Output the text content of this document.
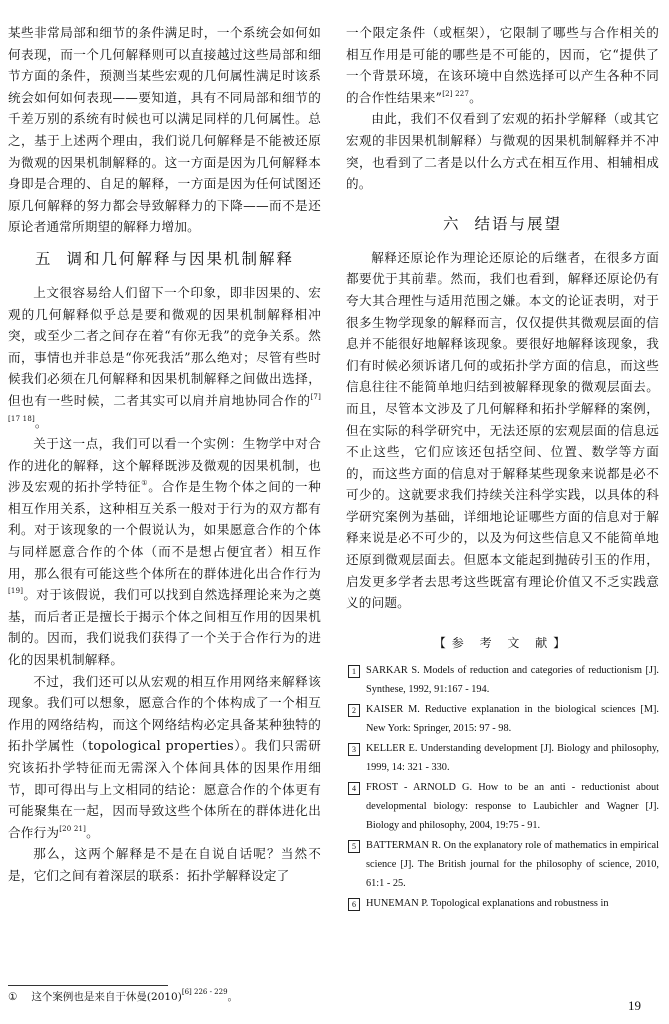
某些非常局部和细节的条件满足时，一个系统会如何如何表现，而一个几何解释则可以直接越过这些局部和细节方面的条件，预测当某些宏观的几何属性满足时该系统会如何如何表现——要知道，具有不同局部和细节的千差万别的系统有时候也可以满足同样的几何属性。总之，基于上述两个理由，我们说几何解释是不能被还原为微观的因果机制解释的。这一方面是因为几何解释本身即是合理的、自足的解释，一方面是因为任何试图还原几何解释的努力都会导致解释力的下降——而不是还原论者通常所期望的解释力增加。

五 调和几何解释与因果机制解释

上文很容易给人们留下一个印象，即非因果的、宏观的几何解释似乎总是要和微观的因果机制解释相冲突，或至少二者之间存在着“有你无我”的竞争关系。然而，事情也并非总是“你死我活”那么绝对；尽管有些时候我们必须在几何解释和因果机制解释之间做出选择，但也有一些时候，二者其实可以肩并肩地协同合作的[7] [17 18]。

关于这一点，我们可以看一个实例：生物学中对合作的进化的解释，这个解释既涉及微观的因果机制，也涉及宏观的拓扑学特征①。合作是生物个体之间的一种相互作用关系，这种相互关系一般对于行为的双方都有利。对于该现象的一个假说认为，如果愿意合作的个体与同样愿意合作的个体（而不是想占便宜者）相互作用，那么很有可能这些个体所在的群体进化出合作行为[19]。对于该假说，我们可以找到自然选择理论来为之奠基，而后者正是擅长于揭示个体之间相互作用的因果机制的。因而，我们说我们获得了一个关于合作行为的进化的因果机制解释。

不过，我们还可以从宏观的相互作用网络来解释该现象。我们可以想象，愿意合作的个体构成了一个相互作用的网络结构，而这个网络结构必定具备某种独特的拓扑学属性（topological properties）。我们只需研究该拓扑学特征而无需深入个体间具体的因果作用细节，即可得出与上文相同的结论：愿意合作的个体更有可能聚集在一起，因而导致这些个体所在的群体进化出合作行为[20 21]。

那么，这两个解释是不是在自说自话呢？当然不是，它们之间有着深层的联系：拓扑学解释设定了

一个限定条件（或框架），它限制了哪些与合作相关的相互作用是可能的哪些是不可能的，因而，它“提供了一个背景环境，在该环境中自然选择可以产生各种不同的合作性结果来”$^{[2] 227}$。

由此，我们不仅看到了宏观的拓扑学解释（或其它宏观的非因果机制解释）与微观的因果机制解释并不冲突，也看到了二者是以什么方式在相互作用、相辅相成的。

六 结语与展望

解释还原论作为理论还原论的后继者，在很多方面都要优于其前辈。然而，我们也看到，解释还原论仍有夸大其合理性与适用范围之嫌。本文的论证表明，对于很多生物学现象的解释而言，仅仅提供其微观层面的信息并不能很好地解释该现象。要很好地解释该现象，我们有时候必须诉诸几何的或拓扑学方面的信息，而这些信息往往不能简单地归结到被解释现象的微观层面去。而且，尽管本文涉及了几何解释和拓扑学解释的案例，但在实际的科学研究中，无法还原的宏观层面的信息远不止这些，它们应该还包括空间、位置、数学等方面的，而这些方面的信息对于解释某些现象来说都是必不可少的。这就要求我们持续关注科学实践，以具体的科学研究案例为基础，详细地论证哪些方面的信息对于解释来说是必不可少的，以及为何这些信息又不能简单地还原到微观层面去。但愿本文能起到抛砖引玉的作用，启发更多学者去思考这些既富有理论价值又不乏实践意义的问题。

【参 考 文 献】
1 SARKAR S. Models of reduction and categories of reductionism [J]. Synthese, 1992, 91:167 - 194.
2 KAISER M. Reductive explanation in the biological sciences [M]. New York: Springer, 2015: 97 - 98.
3 KELLER E. Understanding development [J]. Biology and philosophy, 1999, 14: 321 - 330.
4 FROST - ARNOLD G. How to be an anti - reductionist about developmental biology: response to Laubichler and Wagner [J]. Biology and philosophy, 2004, 19:75 - 91.
5 BATTERMAN R. On the explanatory role of mathematics in empirical science [J]. The British journal for the philosophy of science, 2010, 61:1 - 25.
6 HUNEMAN P. Topological explanations and robustness in
① 这个案例也是来自于休曼$(2010)^{[6] 226 - 229}$。
19
